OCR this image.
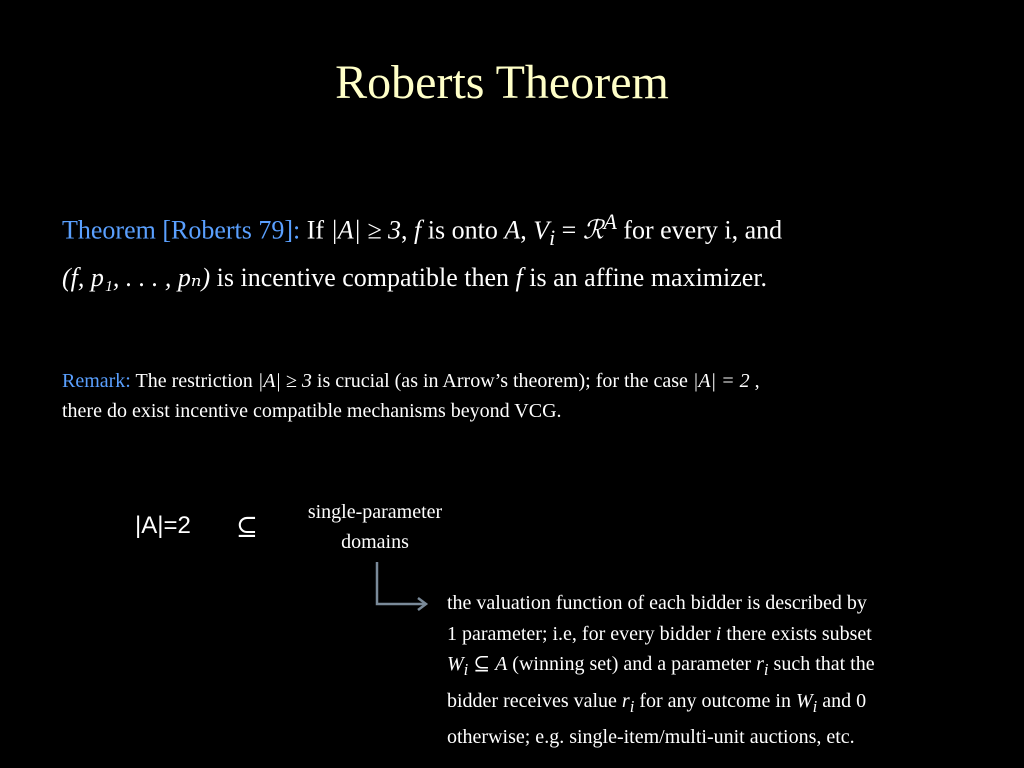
Roberts Theorem
Theorem [Roberts 79]: If |A| ≥ 3, f is onto A, $V_i$ = ℛ$^A$ for every i, and
(f, p₁, . . . , pₙ) is incentive compatible then f is an affine maximizer.
Remark: The restriction |A| ≥ 3 is crucial (as in Arrow’s theorem); for the case |A| = 2 ,
there do exist incentive compatible mechanisms beyond VCG.
|A|=2 ⊆	single-parameter
domains
the valuation function of each bidder is described by
1 parameter; i.e, for every bidder i there exists subset
$W_i$ ⊆ A (winning set) and a parameter $r_i$ such that the
bidder receives value $r_i$ for any outcome in $W_i$ and 0
otherwise; e.g. single-item/multi-unit auctions, etc.
